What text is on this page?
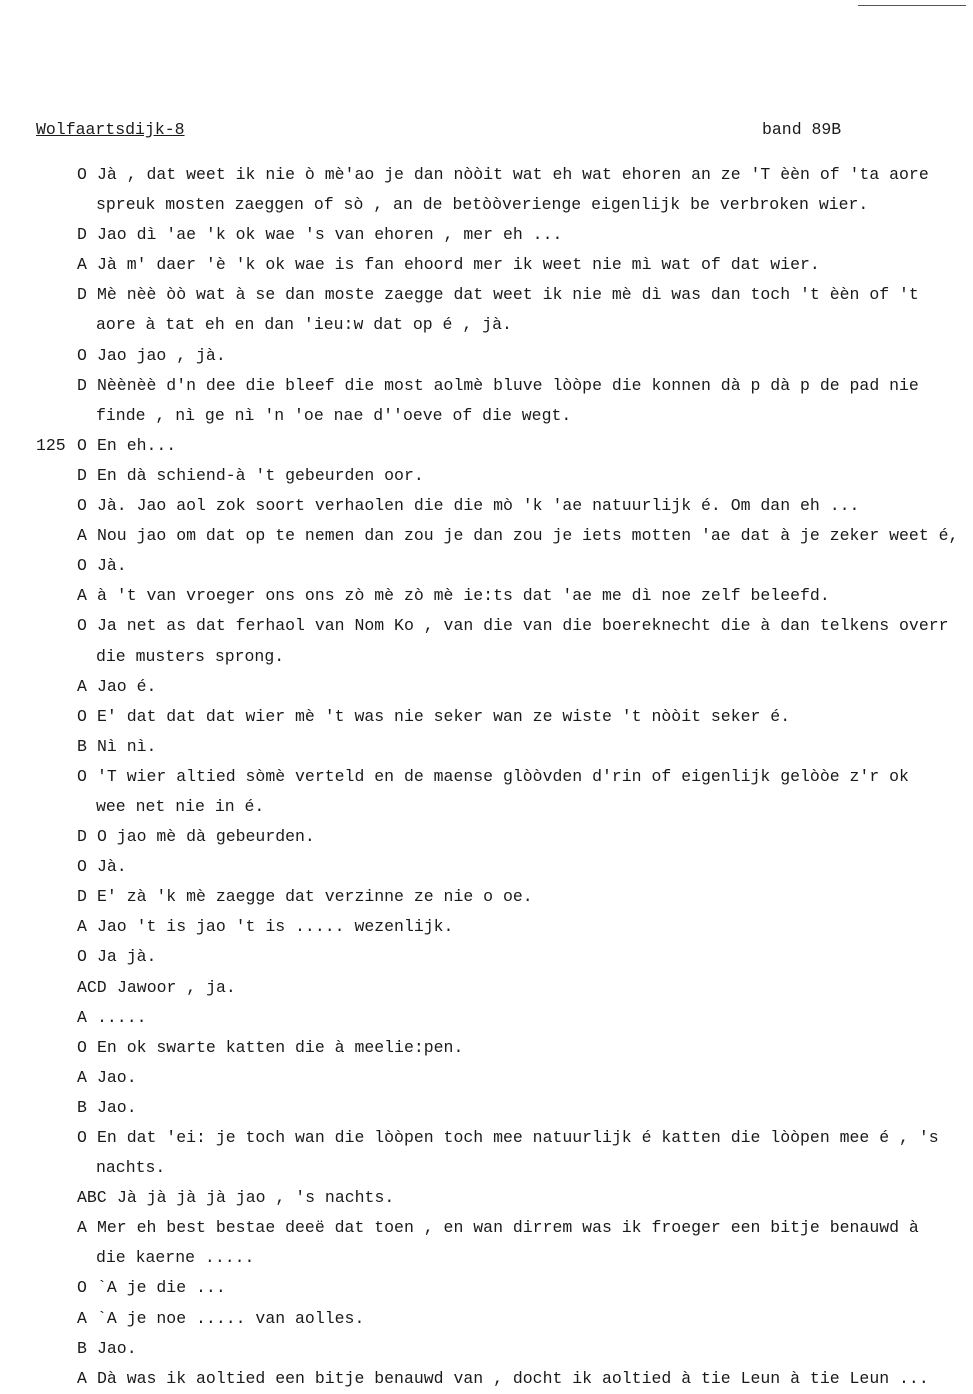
Wolfaartsdijk-8	band 89B
O Jà , dat weet ik nie ò mè'ao je dan nòòit wat eh wat ehoren an ze 'T èèn of 'ta aore
spreuk mosten zaeggen of sò , an de betòòverienge eigenlijk be verbroken wier.
D Jao dì 'ae 'k ok wae 's van ehoren , mer eh ...
A Jà m' daer 'è 'k ok wae is fan ehoord mer ik weet nie mì wat of dat wier.
D Mè nèè òò wat à se dan moste zaegge dat weet ik nie mè dì was dan toch 't èèn of 't
aore à tat eh en dan 'ieu:w dat op é , jà.
O Jao jao , jà.
D Nèènèè d'n dee die bleef die most aolmè bluve lòòpe die konnen dà p dà p de pad nie
finde , nì ge nì 'n 'oe nae d''oeve of die wegt.
125 O En eh...
D En dà schiend-à 't gebeurden oor.
O Jà. Jao aol zok soort verhaolen die die mò 'k 'ae natuurlijk é. Om dan eh ...
A Nou jao om dat op te nemen dan zou je dan zou je iets motten 'ae dat à je zeker weet é,
O Jà.
A à 't van vroeger ons ons zò mè zò mè ie:ts dat 'ae me dì noe zelf beleefd.
O Ja net as dat ferhaol van Nom Ko , van die van die boereknecht die à dan telkens overr
die musters sprong.
A Jao é.
O E' dat dat dat wier mè 't was nie seker wan ze wiste 't nòòit seker é.
B Nì nì.
O 'T wier altied sòmè verteld en de maense glòòvden d'rin of eigenlijk gelòòe z'r ok
wee net nie in é.
D O jao mè dà gebeurden.
O Jà.
D E' zà 'k mè zaegge dat verzinne ze nie o oe.
A Jao 't is jao 't is ..... wezenlijk.
O Ja jà.
ACD Jawoor , ja.
A .....
O En ok swarte katten die à meelie:pen.
A Jao.
B Jao.
O En dat 'ei: je toch wan die lòòpen toch mee natuurlijk é katten die lòòpen mee é , 's
nachts.
ABC Jà jà jà jà jao , 's nachts.
A Mer eh best bestae deeë dat toen , en wan dirrem was ik froeger een bitje benauwd à
die kaerne .....
O `A je die ...
A `A je noe ..... van aolles.
B Jao.
A Dà was ik aoltied een bitje benauwd van , docht ik aoltied à tie Leun à tie Leun ...
